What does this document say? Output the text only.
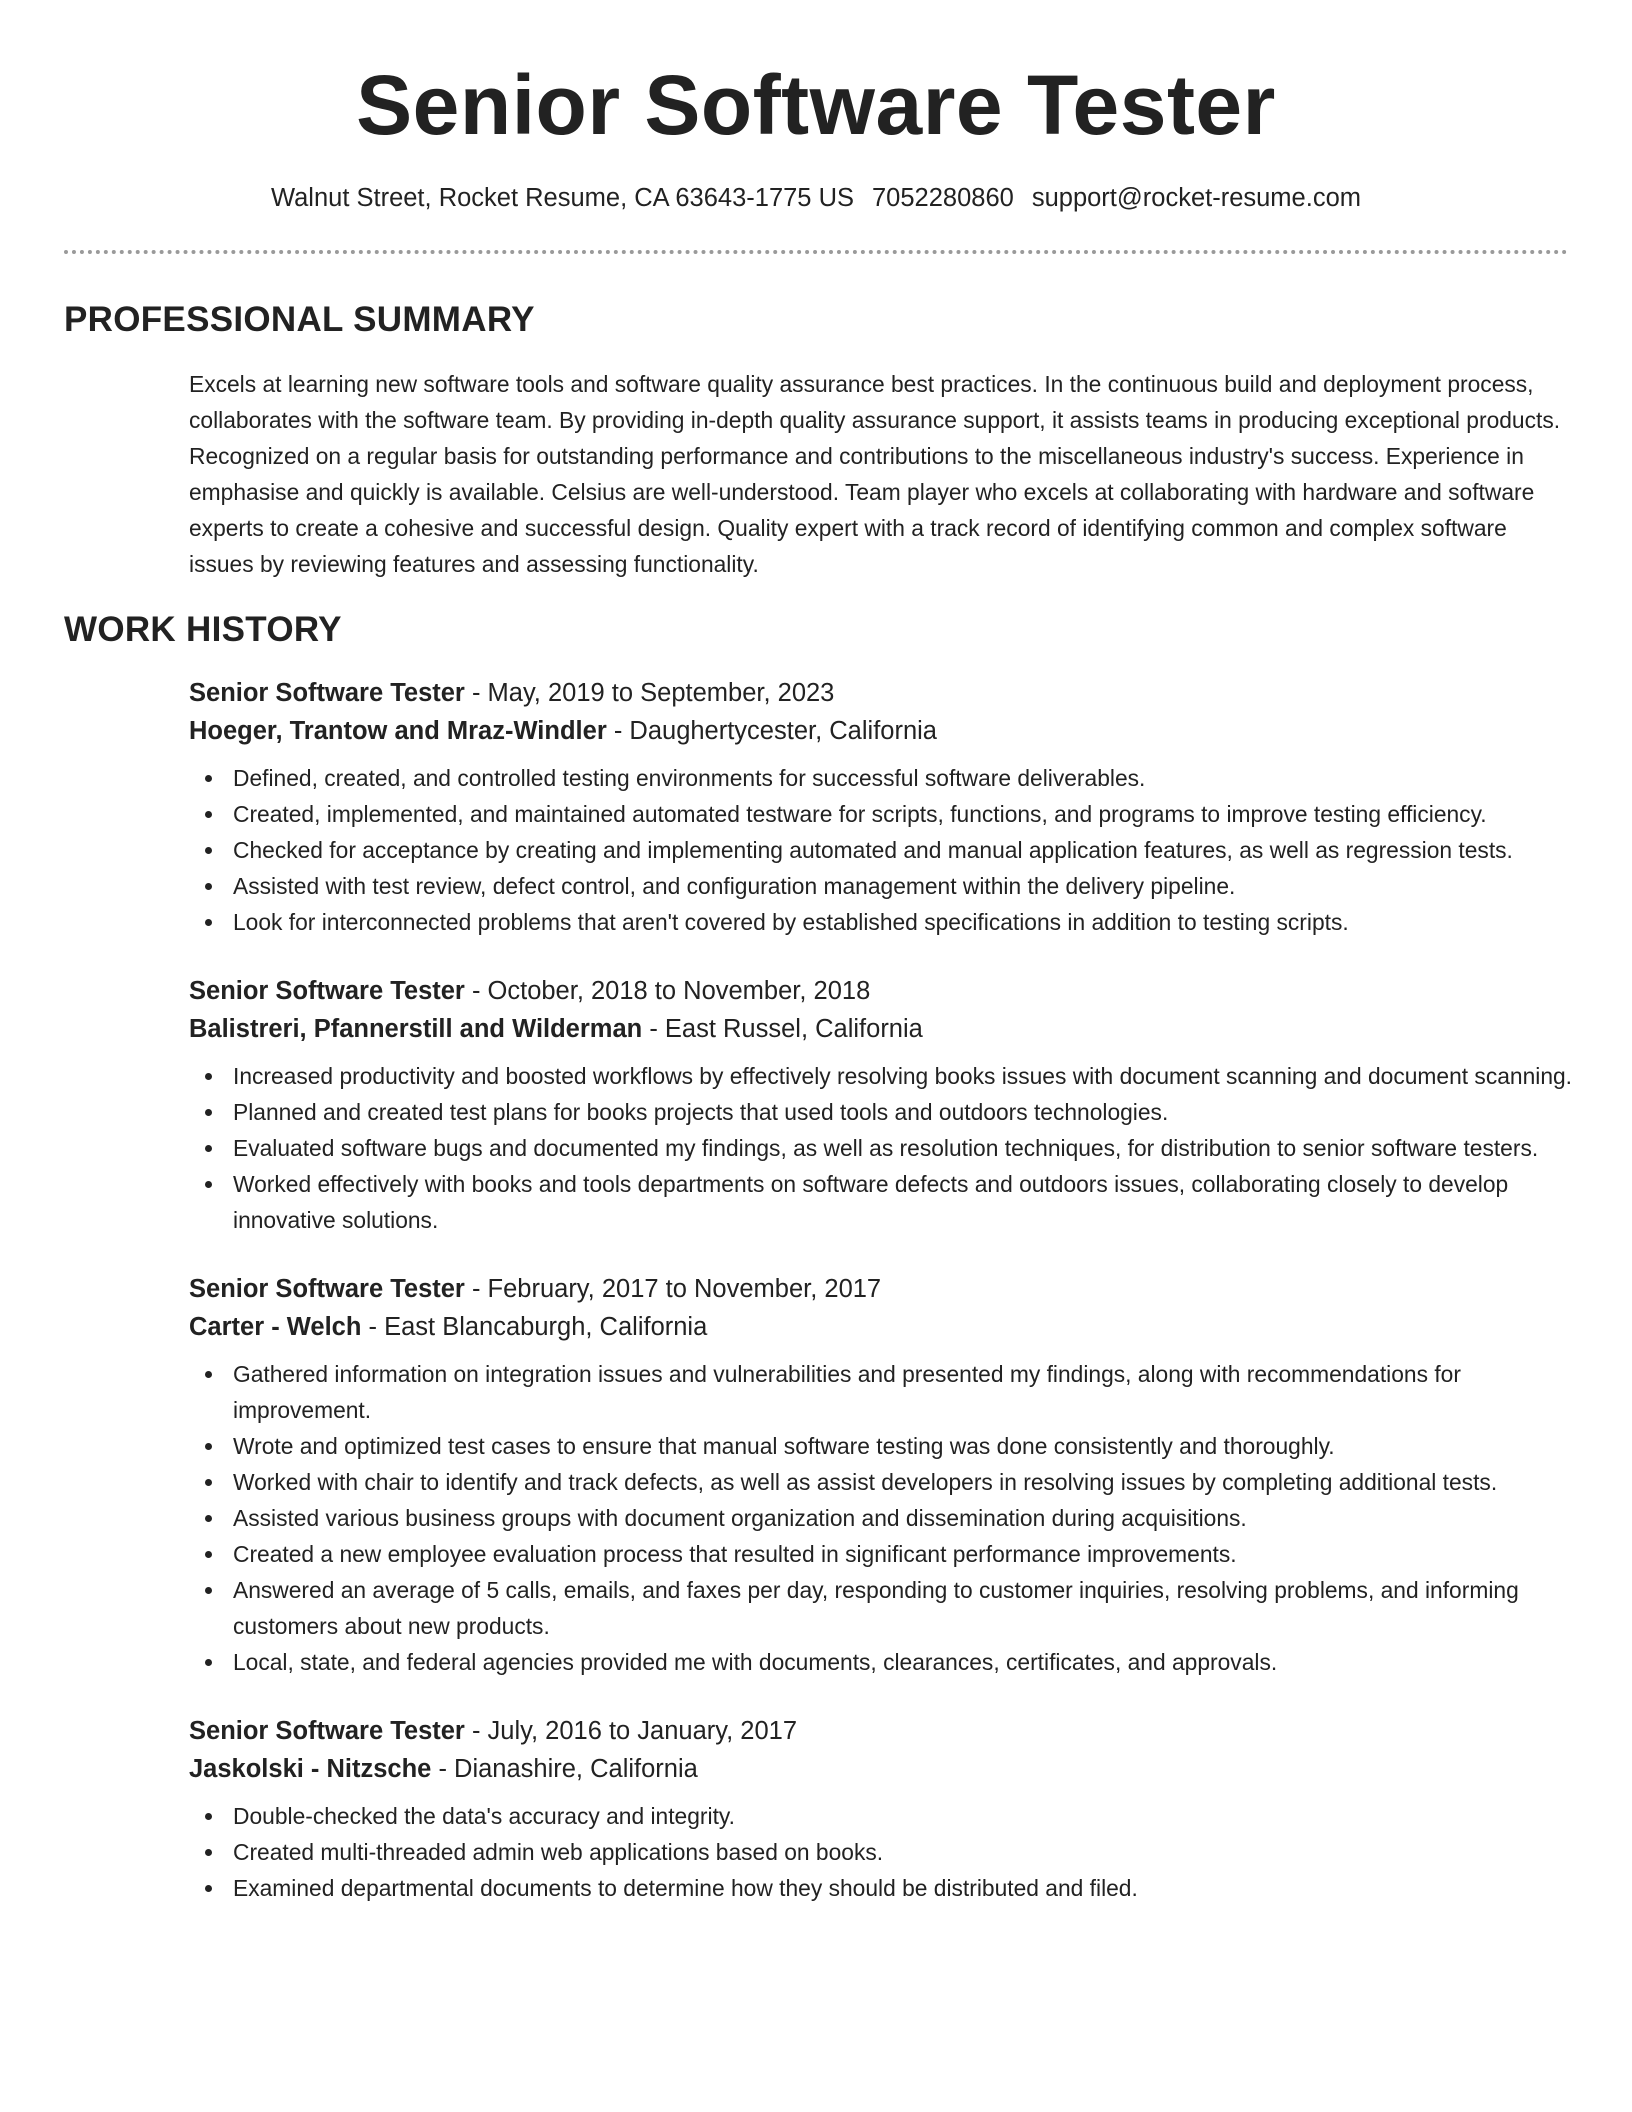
Senior Software Tester
Walnut Street, Rocket Resume, CA 63643-1775 US 7052280860 support@rocket-resume.com
PROFESSIONAL SUMMARY

Excels at learning new software tools and software quality assurance best practices. In the continuous build and deployment process, collaborates with the software team. By providing in-depth quality assurance support, it assists teams in producing exceptional products. Recognized on a regular basis for outstanding performance and contributions to the miscellaneous industry's success. Experience in emphasise and quickly is available. Celsius are well-understood. Team player who excels at collaborating with hardware and software experts to create a cohesive and successful design. Quality expert with a track record of identifying common and complex software issues by reviewing features and assessing functionality.

WORK HISTORY

Senior Software Tester - May, 2019 to September, 2023

Hoeger, Trantow and Mraz-Windler - Daughertycester, California

Defined, created, and controlled testing environments for successful software deliverables.
Created, implemented, and maintained automated testware for scripts, functions, and programs to improve testing efficiency.
Checked for acceptance by creating and implementing automated and manual application features, as well as regression tests.
Assisted with test review, defect control, and configuration management within the delivery pipeline.
Look for interconnected problems that aren't covered by established specifications in addition to testing scripts.

Senior Software Tester - October, 2018 to November, 2018

Balistreri, Pfannerstill and Wilderman - East Russel, California

Increased productivity and boosted workflows by effectively resolving books issues with document scanning and document scanning.
Planned and created test plans for books projects that used tools and outdoors technologies.
Evaluated software bugs and documented my findings, as well as resolution techniques, for distribution to senior software testers.
Worked effectively with books and tools departments on software defects and outdoors issues, collaborating closely to develop innovative solutions.

Senior Software Tester - February, 2017 to November, 2017

Carter - Welch - East Blancaburgh, California

Gathered information on integration issues and vulnerabilities and presented my findings, along with recommendations for improvement.
Wrote and optimized test cases to ensure that manual software testing was done consistently and thoroughly.
Worked with chair to identify and track defects, as well as assist developers in resolving issues by completing additional tests.
Assisted various business groups with document organization and dissemination during acquisitions.
Created a new employee evaluation process that resulted in significant performance improvements.
Answered an average of 5 calls, emails, and faxes per day, responding to customer inquiries, resolving problems, and informing customers about new products.
Local, state, and federal agencies provided me with documents, clearances, certificates, and approvals.

Senior Software Tester - July, 2016 to January, 2017

Jaskolski - Nitzsche - Dianashire, California

Double-checked the data's accuracy and integrity.
Created multi-threaded admin web applications based on books.
Examined departmental documents to determine how they should be distributed and filed.
